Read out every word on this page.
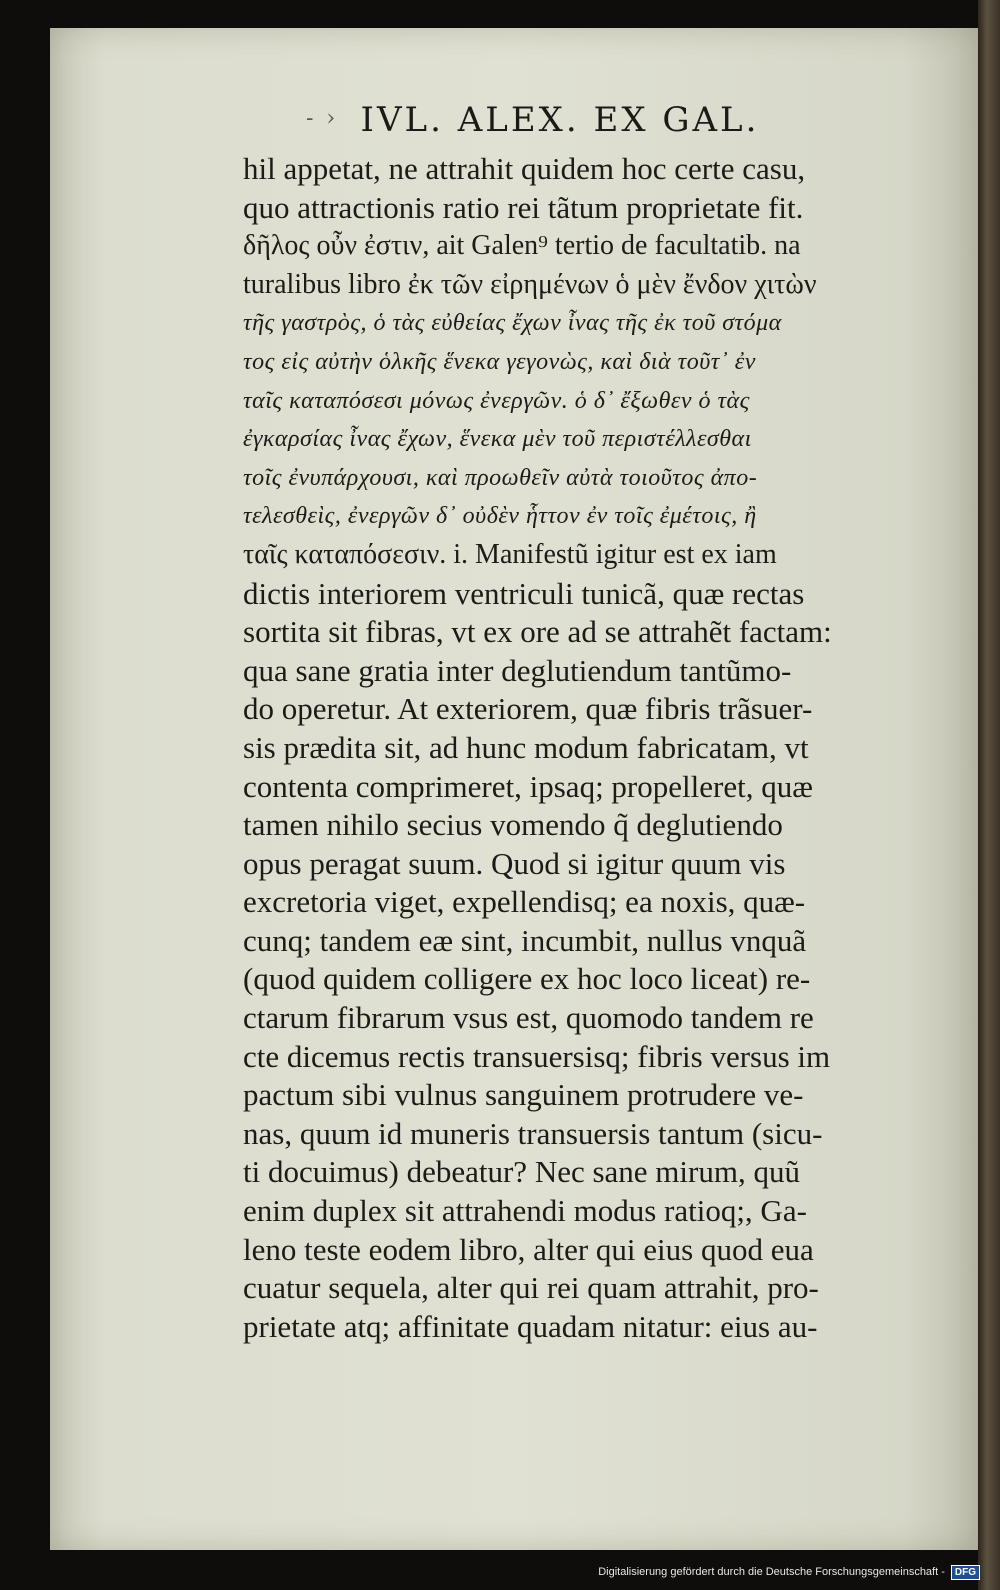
- › IVL. ALEX. EX GAL.
hil appetat, ne attrahit quidem hoc certe casu,
quo attractionis ratio rei tãtum proprietate fit.
δῆλος οὖν ἐστιν, ait Galen⁹ tertio de facultatib. na
turalibus libro ἐκ τῶν εἰρημένων ὁ μὲν ἔνδον χιτὼν
τῆς γαστρὸς, ὁ τὰς εὐθείας ἔχων ἶνας τῆς ἐκ τοῦ στόμα
τος εἰς αὐτὴν ὁλκῆς ἕνεκα γεγονὼς, καὶ διὰ τοῦτ᾽ ἐν
ταῖς καταπόσεσι μόνως ἐνεργῶν. ὁ δ᾽ ἔξωθεν ὁ τὰς
ἐγκαρσίας ἶνας ἔχων, ἕνεκα μὲν τοῦ περιστέλλεσθαι
τοῖς ἐνυπάρχουσι, καὶ προωθεῖν αὐτὰ τοιοῦτος ἀπο-
τελεσθεὶς, ἐνεργῶν δ᾽ οὐδὲν ἧττον ἐν τοῖς ἐμέτοις, ἢ
ταῖς καταπόσεσιν. i. Manifestũ igitur est ex iam
dictis interiorem ventriculi tunicã, quæ rectas
sortita sit fibras, vt ex ore ad se attrahẽt factam:
qua sane gratia inter deglutiendum tantũmo-
do operetur. At exteriorem, quæ fibris trãsuer-
sis prædita sit, ad hunc modum fabricatam, vt
contenta comprimeret, ipsaq; propelleret, quæ
tamen nihilo secius vomendo q̃ deglutiendo
opus peragat suum. Quod si igitur quum vis
excretoria viget, expellendisq; ea noxis, quæ-
cunq; tandem eæ sint, incumbit, nullus vnquã
(quod quidem colligere ex hoc loco liceat) re-
ctarum fibrarum vsus est, quomodo tandem re
cte dicemus rectis transuersisq; fibris versus im
pactum sibi vulnus sanguinem protrudere ve-
nas, quum id muneris transuersis tantum (sicu-
ti docuimus) debeatur? Nec sane mirum, quũ
enim duplex sit attrahendi modus ratioq;, Ga-
leno teste eodem libro, alter qui eius quod eua
cuatur sequela, alter qui rei quam attrahit, pro-
prietate atq; affinitate quadam nitatur: eius au-
Digitalisierung gefördert durch die Deutsche Forschungsgemeinschaft -	DFG
